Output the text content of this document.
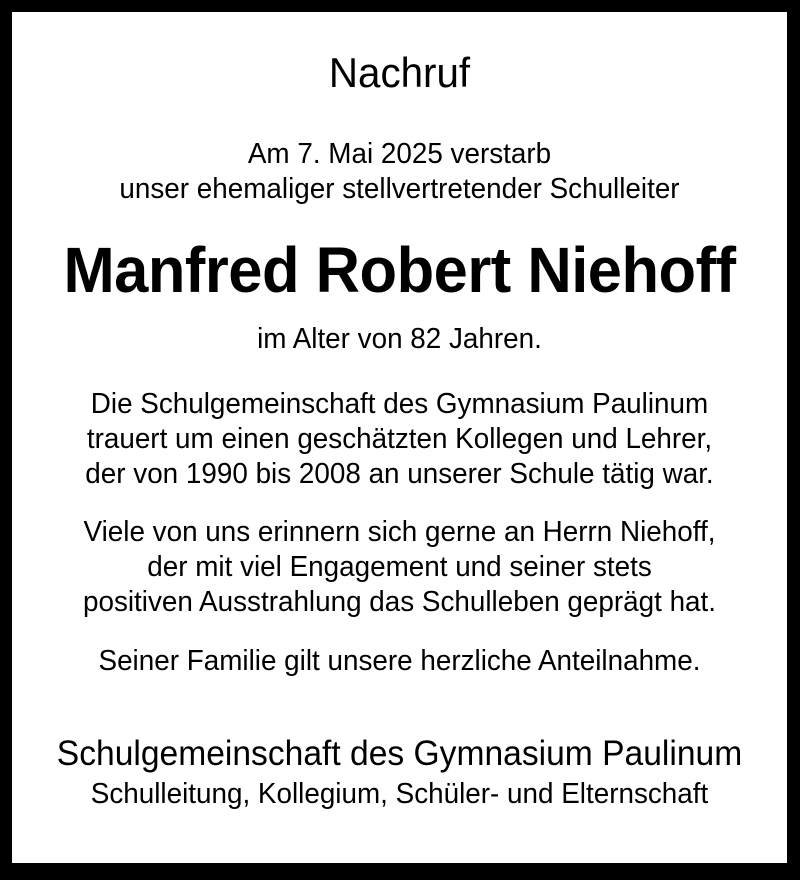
Nachruf
Am 7. Mai 2025 verstarb
unser ehemaliger stellvertretender Schulleiter
Manfred Robert Niehoff
im Alter von 82 Jahren.
Die Schulgemeinschaft des Gymnasium Paulinum
trauert um einen geschätzten Kollegen und Lehrer,
der von 1990 bis 2008 an unserer Schule tätig war.
Viele von uns erinnern sich gerne an Herrn Niehoff,
der mit viel Engagement und seiner stets
positiven Ausstrahlung das Schulleben geprägt hat.
Seiner Familie gilt unsere herzliche Anteilnahme.
Schulgemeinschaft des Gymnasium Paulinum
Schulleitung, Kollegium, Schüler- und Elternschaft
